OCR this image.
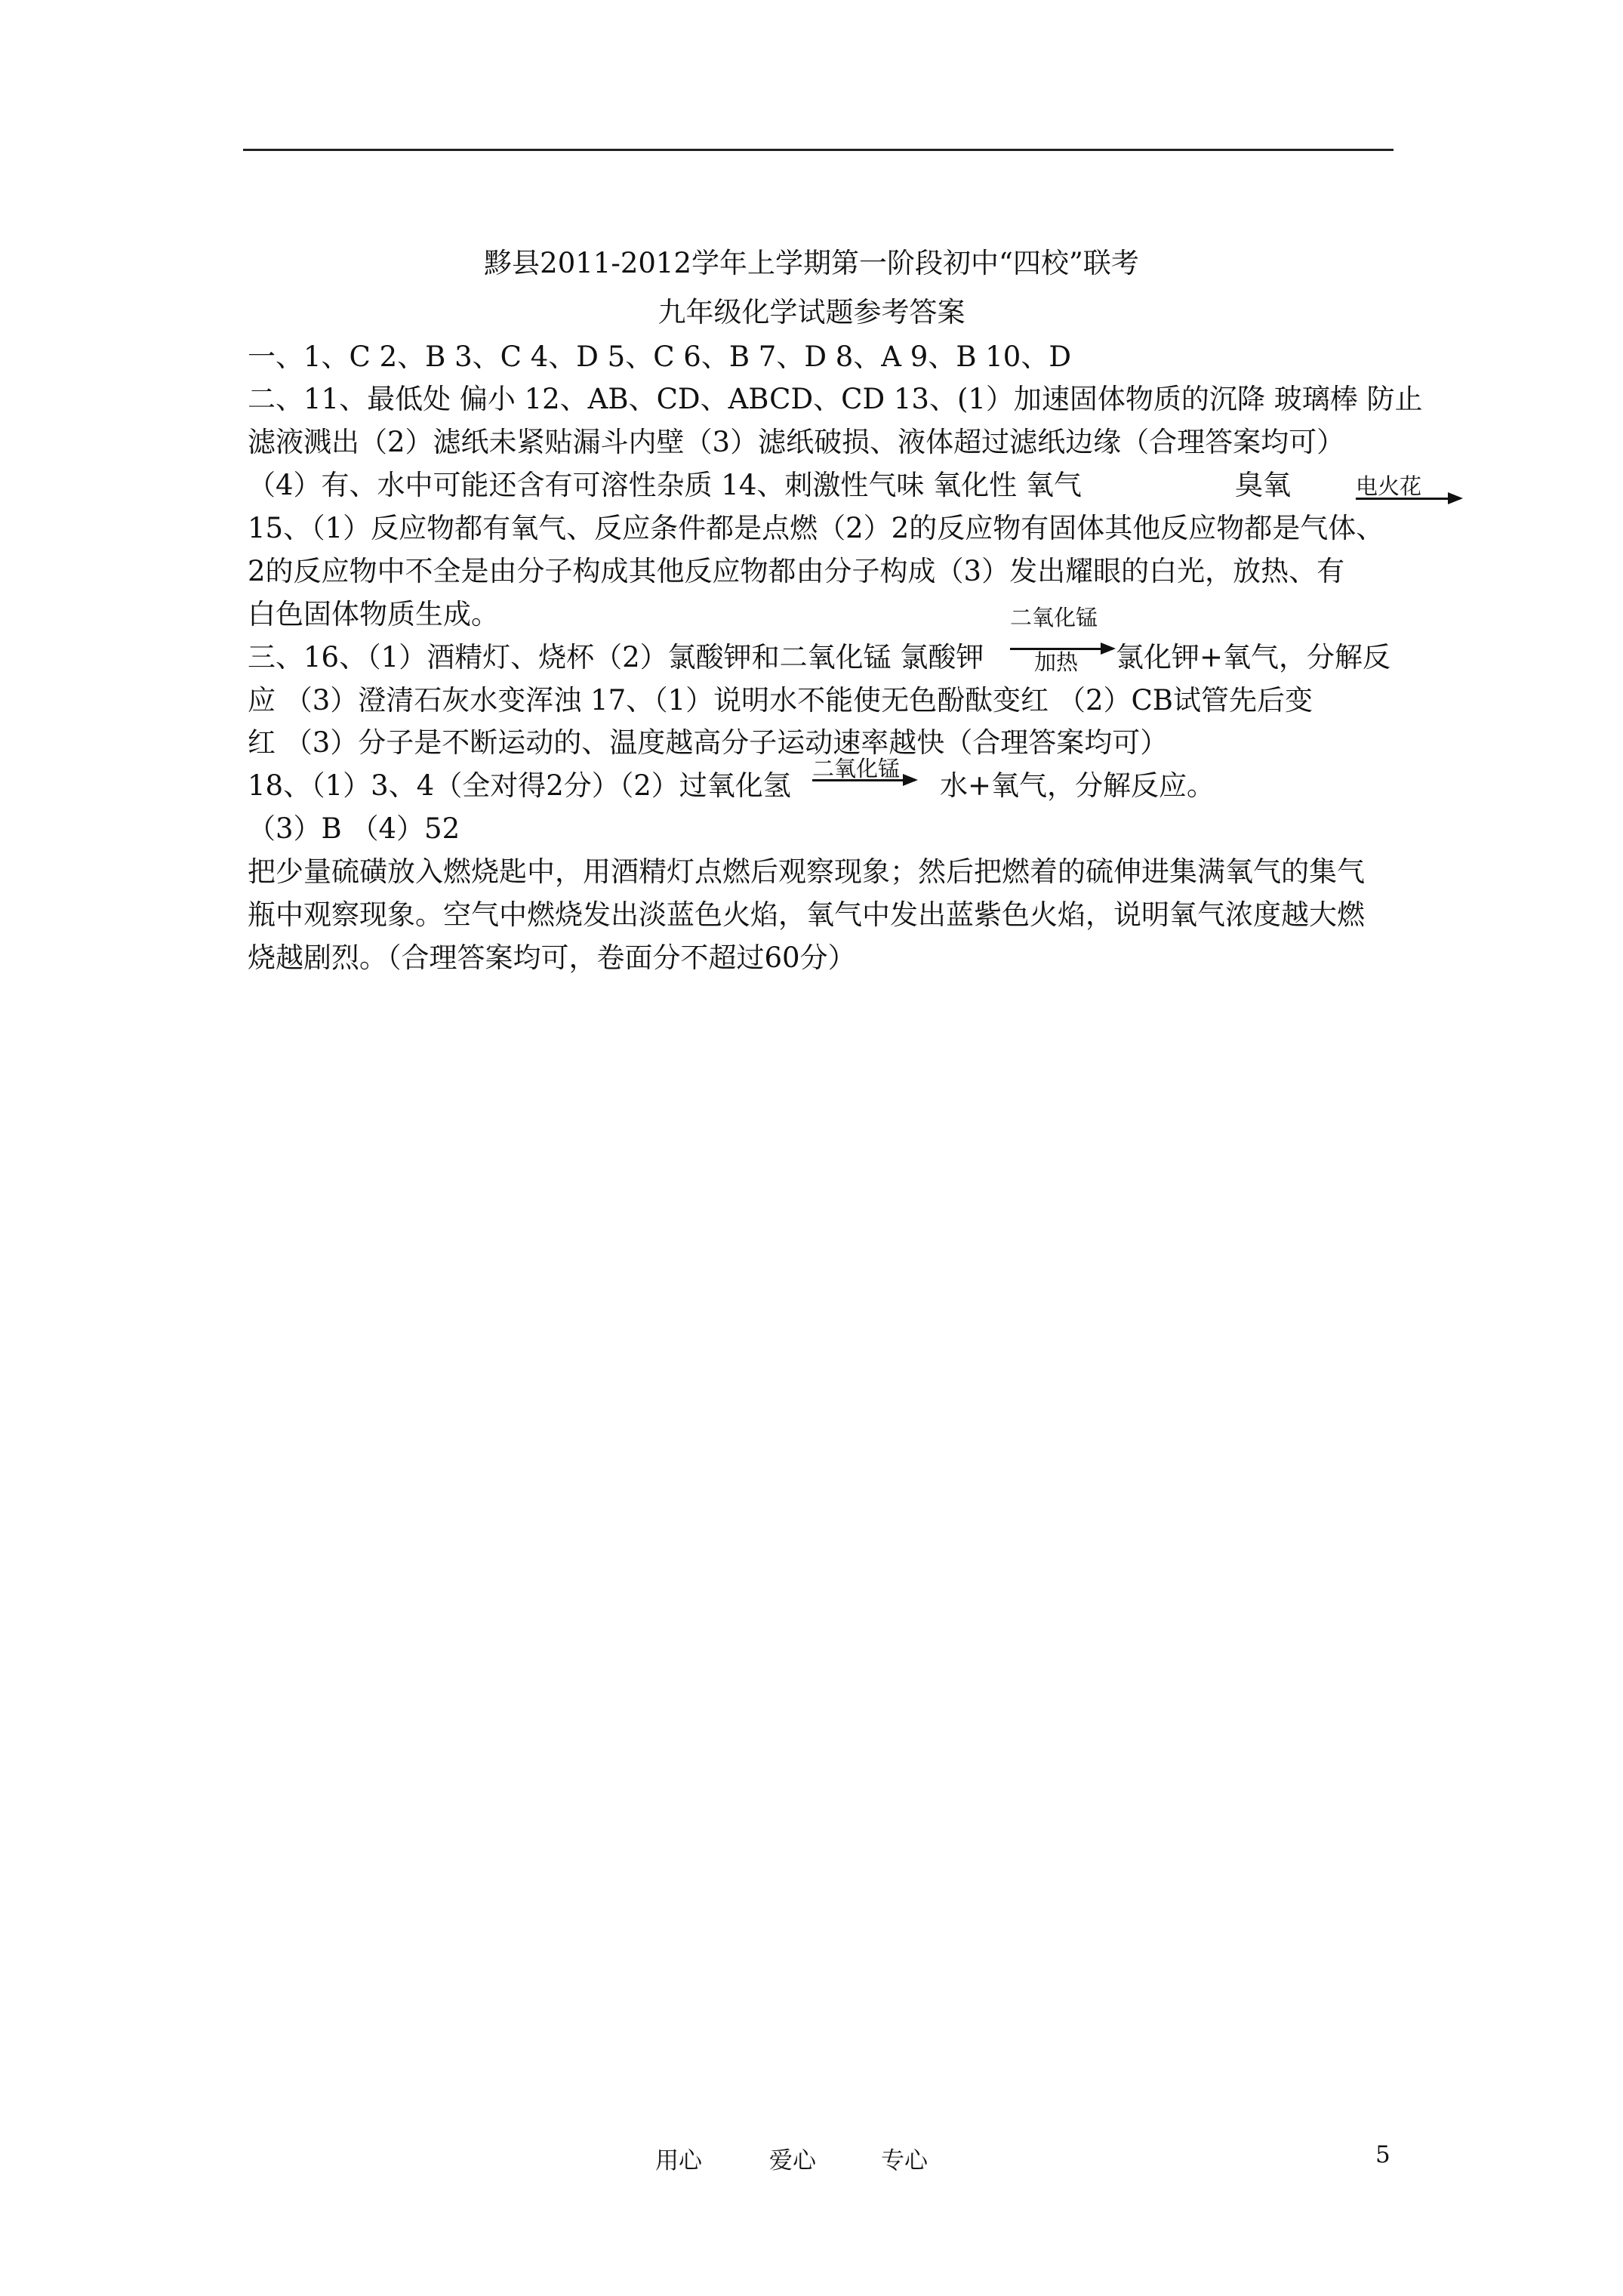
黟县2011-2012学年上学期第一阶段初中“四校”联考
九年级化学试题参考答案
一、1、C 2、B 3、C 4、D 5、C 6、B 7、D 8、A 9、B 10、D
二、11、最低处 偏小 12、AB、CD、ABCD、CD 13、(1）加速固体物质的沉降 玻璃棒 防止
滤液溅出（2）滤纸未紧贴漏斗内壁（3）滤纸破损、液体超过滤纸边缘（合理答案均可）
（4）有、水中可能还含有可溶性杂质 14、刺激性气味 氧化性 氧气	臭氧	电火花
15、（1）反应物都有氧气、反应条件都是点燃（2）2的反应物有固体其他反应物都是气体、
2的反应物中不全是由分子构成其他反应物都由分子构成（3）发出耀眼的白光，放热、有
白色固体物质生成。	二氧化锰
三、16、（1）酒精灯、烧杯（2）氯酸钾和二氧化锰 氯酸钾 加热 氯化钾+氧气，分解反
应 （3）澄清石灰水变浑浊 17、（1）说明水不能使无色酚酞变红 （2）CB试管先后变
红 （3）分子是不断运动的、温度越高分子运动速率越快（合理答案均可）
二氧化锰
18、（1）3、4（全对得2分）（2）过氧化氢	水+氧气，分解反应。
（3）B （4）52
把少量硫磺放入燃烧匙中，用酒精灯点燃后观察现象；然后把燃着的硫伸进集满氧气的集气
瓶中观察现象。空气中燃烧发出淡蓝色火焰，氧气中发出蓝紫色火焰，说明氧气浓度越大燃
烧越剧烈。（合理答案均可，卷面分不超过60分）
用心	爱心	专心	5
